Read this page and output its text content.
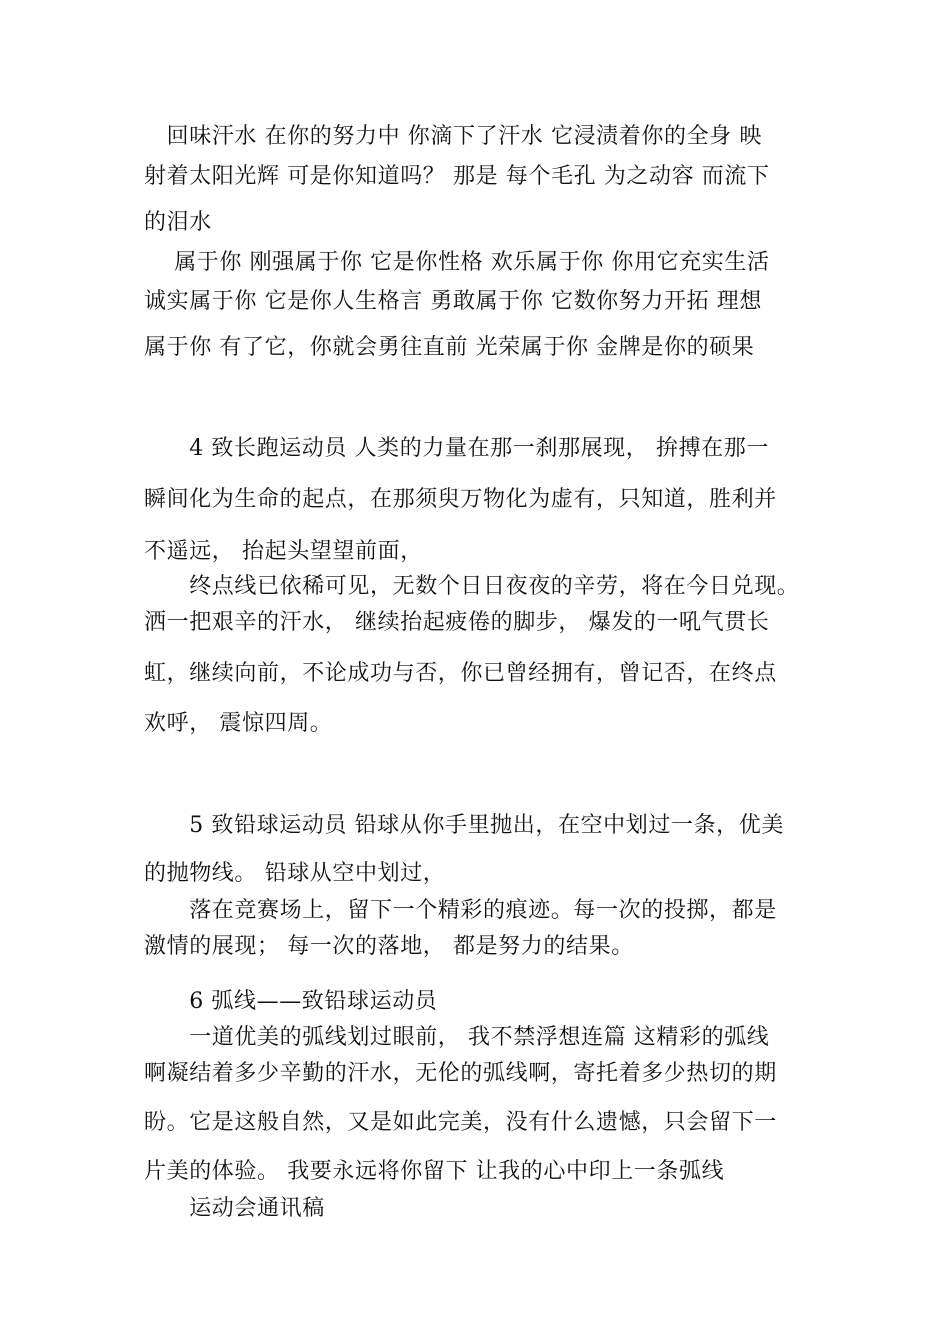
　回味汗水 在你的努力中 你滴下了汗水 它浸渍着你的全身 映
射着太阳光辉 可是你知道吗？ 那是 每个毛孔 为之动容 而流下
的泪水
　 属于你 刚强属于你 它是你性格 欢乐属于你 你用它充实生活
诚实属于你 它是你人生格言 勇敢属于你 它数你努力开拓 理想
属于你 有了它，你就会勇往直前 光荣属于你 金牌是你的硕果
　　4 致长跑运动员 人类的力量在那一刹那展现， 拚搏在那一
瞬间化为生命的起点，在那须臾万物化为虚有，只知道，胜利并
不遥远， 抬起头望望前面，
　　终点线已依稀可见，无数个日日夜夜的辛劳，将在今日兑现。
洒一把艰辛的汗水， 继续抬起疲倦的脚步， 爆发的一吼气贯长
虹，继续向前，不论成功与否，你已曾经拥有，曾记否，在终点
欢呼， 震惊四周。
　　5 致铅球运动员 铅球从你手里抛出，在空中划过一条，优美
的抛物线。 铅球从空中划过，
　　落在竞赛场上，留下一个精彩的痕迹。每一次的投掷，都是
激情的展现； 每一次的落地， 都是努力的结果。
　　6 弧线——致铅球运动员
　　一道优美的弧线划过眼前， 我不禁浮想连篇 这精彩的弧线
啊凝结着多少辛勤的汗水，无伦的弧线啊，寄托着多少热切的期
盼。它是这般自然，又是如此完美，没有什么遗憾，只会留下一
片美的体验。 我要永远将你留下 让我的心中印上一条弧线
　　运动会通讯稿
